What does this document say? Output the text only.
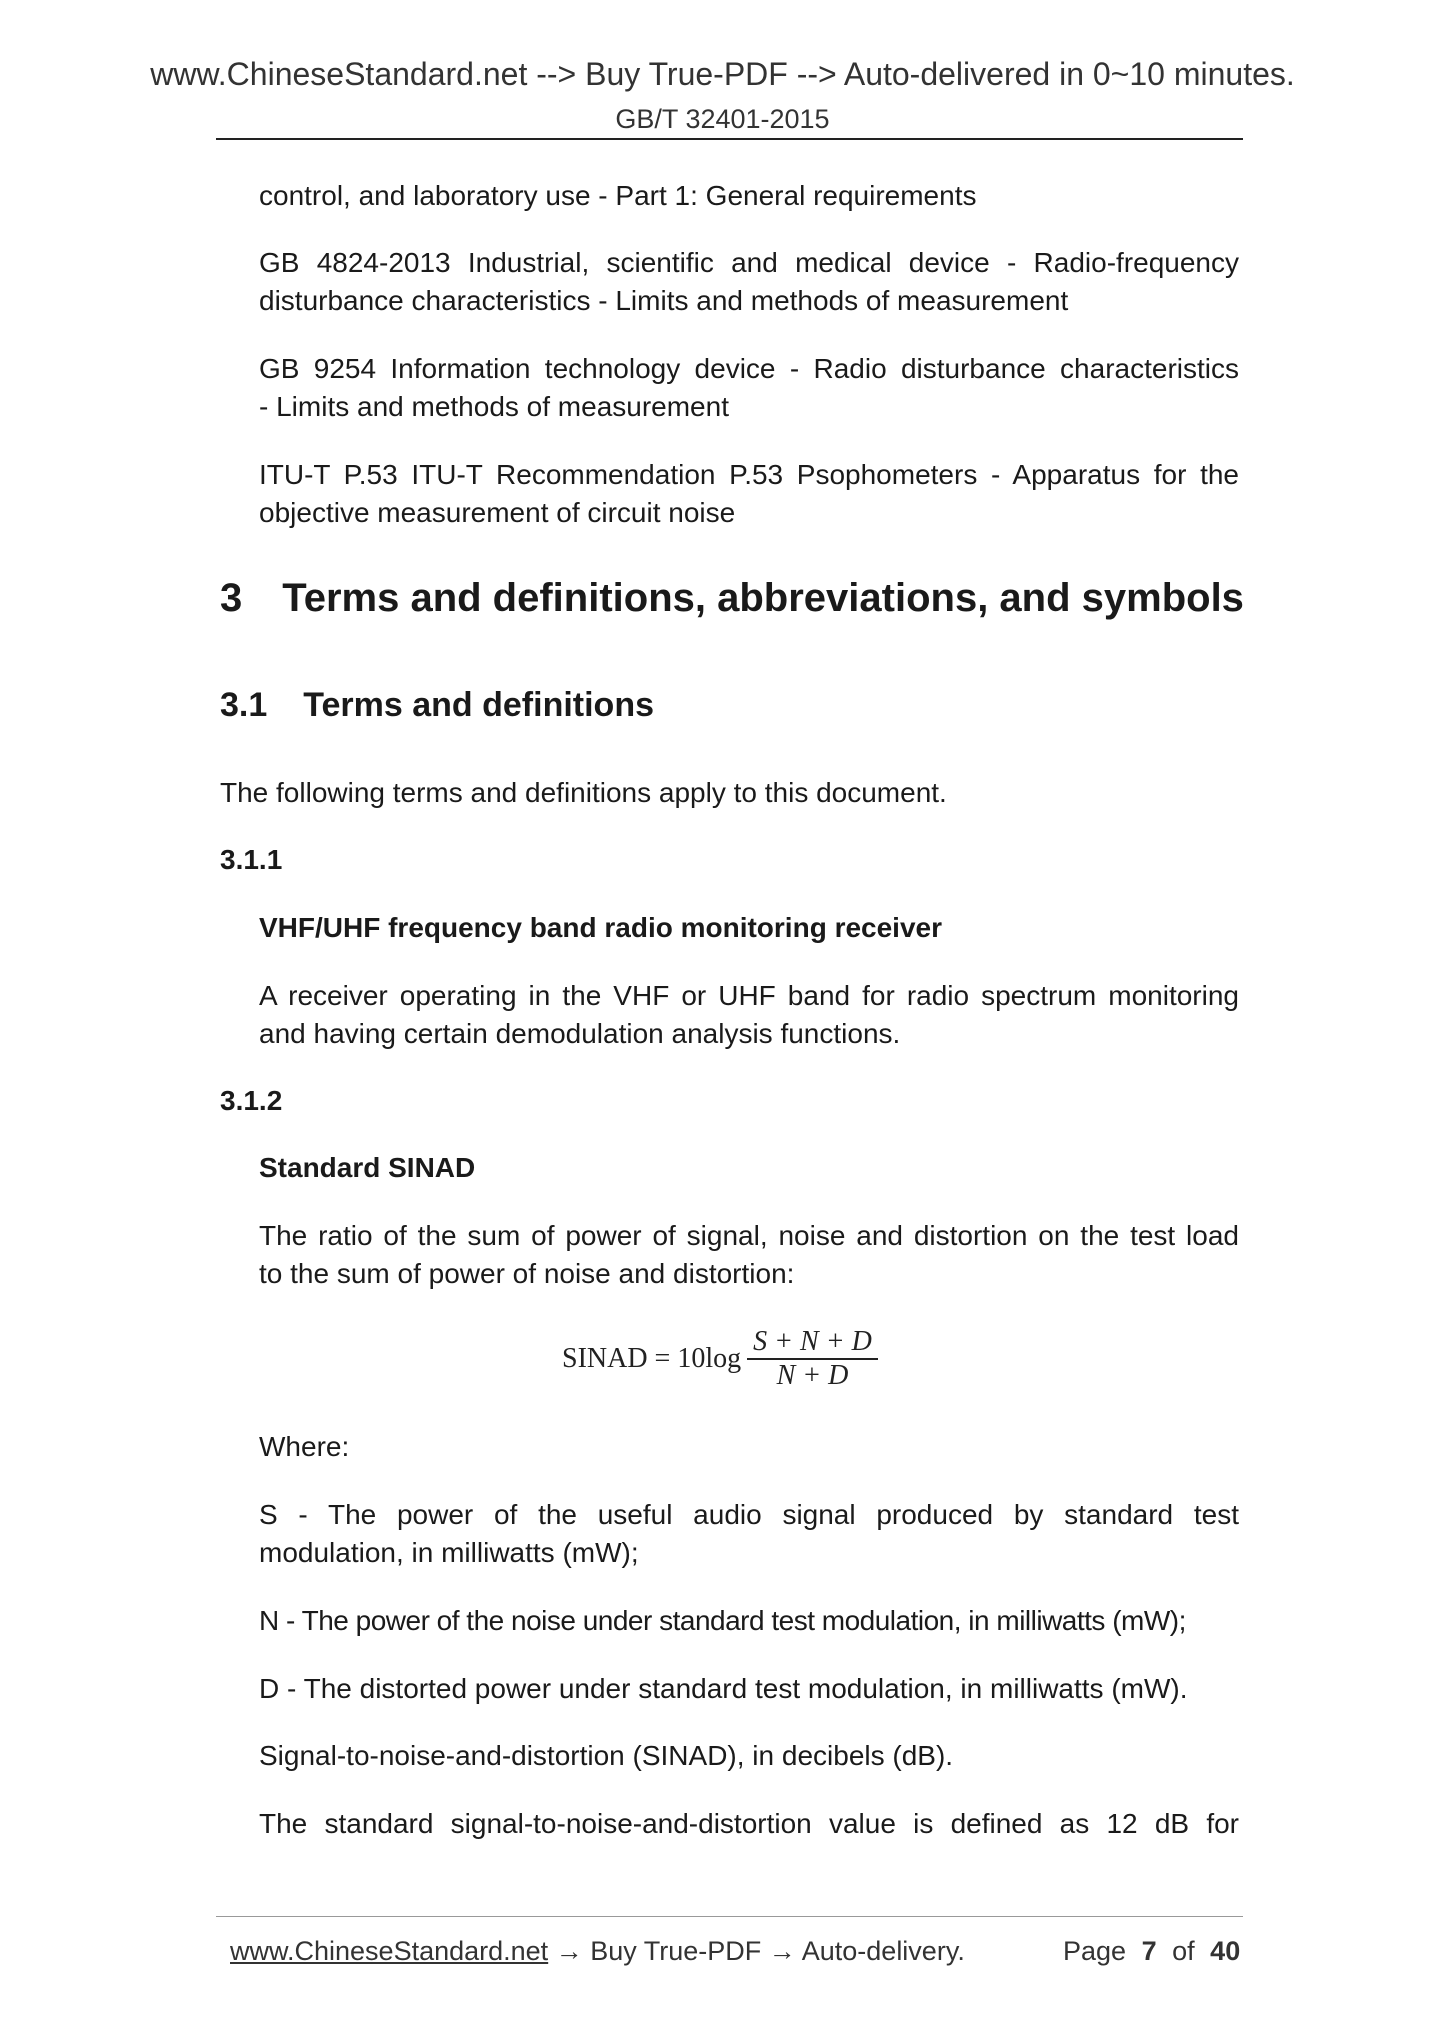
www.ChineseStandard.net --> Buy True-PDF --> Auto-delivered in 0~10 minutes.
GB/T 32401-2015
control, and laboratory use - Part 1: General requirements
GB 4824-2013 Industrial, scientific and medical device - Radio-frequency
disturbance characteristics - Limits and methods of measurement
GB 9254 Information technology device - Radio disturbance characteristics
- Limits and methods of measurement
ITU-T P.53 ITU-T Recommendation P.53 Psophometers - Apparatus for the
objective measurement of circuit noise
3 Terms and definitions, abbreviations, and symbols
3.1 Terms and definitions
The following terms and definitions apply to this document.
3.1.1
VHF/UHF frequency band radio monitoring receiver
A receiver operating in the VHF or UHF band for radio spectrum monitoring
and having certain demodulation analysis functions.
3.1.2
Standard SINAD
The ratio of the sum of power of signal, noise and distortion on the test load
to the sum of power of noise and distortion:
SINAD = $10\log \frac{S + N + D}{N + D}$
Where:
S - The power of the useful audio signal produced by standard test
modulation, in milliwatts (mW);
N - The power of the noise under standard test modulation, in milliwatts (mW);
D - The distorted power under standard test modulation, in milliwatts (mW).
Signal-to-noise-and-distortion (SINAD), in decibels (dB).
The standard signal-to-noise-and-distortion value is defined as 12 dB for
www.ChineseStandard.net → Buy True-PDF → Auto-delivery.	Page 7 of 40
